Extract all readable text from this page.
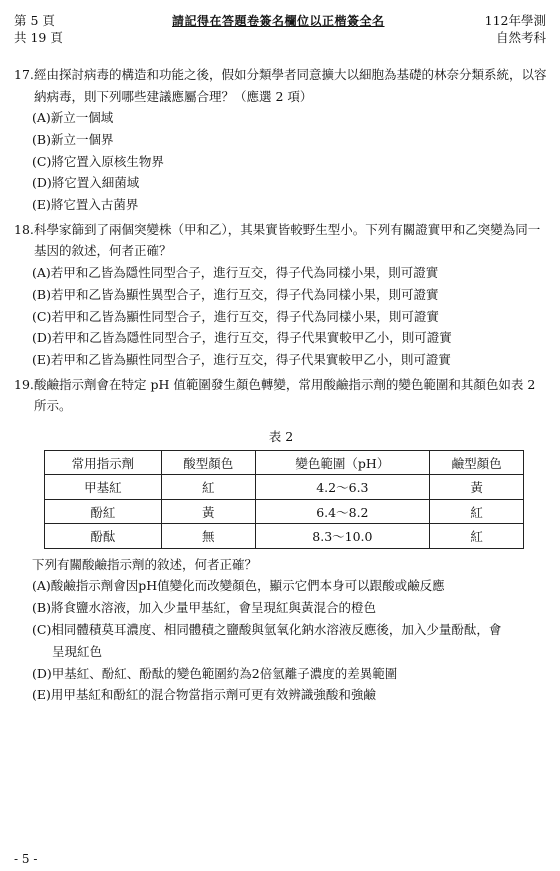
第 5 頁
共 19 頁
請記得在答題卷簽名欄位以正楷簽全名	112年學測
自然考科
17. 經由探討病毒的構造和功能之後，假如分類學者同意擴大以細胞為基礎的林奈分類系統，以容納病毒，則下列哪些建議應屬合理？（應選 2 項）
(A)新立一個域
(B)新立一個界
(C)將它置入原核生物界
(D)將它置入細菌域
(E)將它置入古菌界
18. 科學家篩到了兩個突變株（甲和乙），其果實皆較野生型小。下列有關證實甲和乙突變為同一基因的敘述，何者正確？
(A)若甲和乙皆為隱性同型合子，進行互交，得子代為同樣小果，則可證實
(B)若甲和乙皆為顯性異型合子，進行互交，得子代為同樣小果，則可證實
(C)若甲和乙皆為顯性同型合子，進行互交，得子代為同樣小果，則可證實
(D)若甲和乙皆為隱性同型合子，進行互交，得子代果實較甲乙小，則可證實
(E)若甲和乙皆為顯性同型合子，進行互交，得子代果實較甲乙小，則可證實
19. 酸鹼指示劑會在特定 pH 值範圍發生顏色轉變，常用酸鹼指示劑的變色範圍和其顏色如表 2 所示。
表 2
常用指示劑	酸型顏色	變色範圍（pH）	鹼型顏色
甲基紅	紅	4.2～6.3	黃
酚紅	黃	6.4～8.2	紅
酚酞	無	8.3～10.0	紅
下列有關酸鹼指示劑的敘述，何者正確？
(A)酸鹼指示劑會因pH值變化而改變顏色，顯示它們本身可以跟酸或鹼反應
(B)將食鹽水溶液，加入少量甲基紅，會呈現紅與黃混合的橙色
(C)相同體積莫耳濃度、相同體積之鹽酸與氫氧化鈉水溶液反應後，加入少量酚酞，會
呈現紅色
(D)甲基紅、酚紅、酚酞的變色範圍約為2倍氫離子濃度的差異範圍
(E)用甲基紅和酚紅的混合物當指示劑可更有效辨識強酸和強鹼
- 5 -
